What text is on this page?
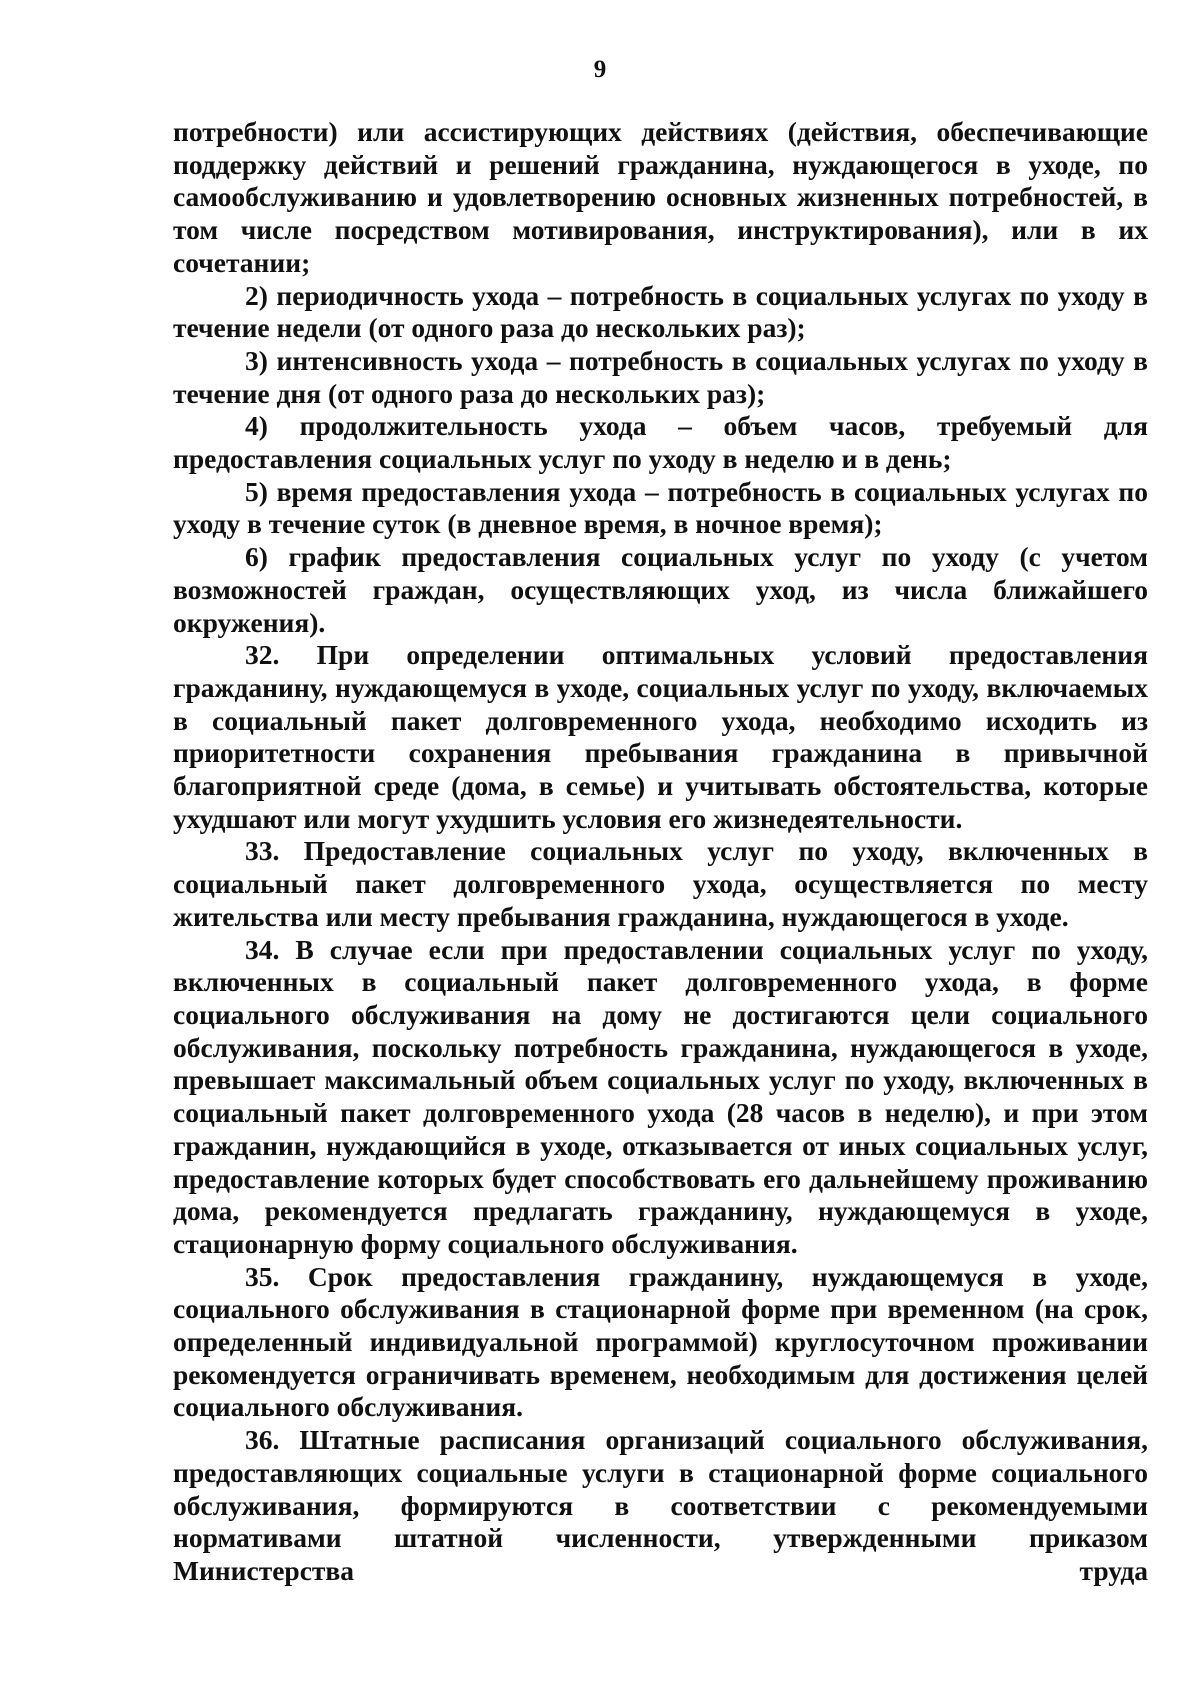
9

потребности) или ассистирующих действиях (действия, обеспечивающие поддержку действий и решений гражданина, нуждающегося в уходе, по самообслуживанию и удовлетворению основных жизненных потребностей, в том числе посредством мотивирования, инструктирования), или в их сочетании;

2) периодичность ухода – потребность в социальных услугах по уходу в течение недели (от одного раза до нескольких раз);

3) интенсивность ухода – потребность в социальных услугах по уходу в течение дня (от одного раза до нескольких раз);

4) продолжительность ухода – объем часов, требуемый для предоставления социальных услуг по уходу в неделю и в день;

5) время предоставления ухода – потребность в социальных услугах по уходу в течение суток (в дневное время, в ночное время);

6) график предоставления социальных услуг по уходу (с учетом возможностей граждан, осуществляющих уход, из числа ближайшего окружения).

32. При определении оптимальных условий предоставления гражданину, нуждающемуся в уходе, социальных услуг по уходу, включаемых в социальный пакет долговременного ухода, необходимо исходить из приоритетности сохранения пребывания гражданина в привычной благоприятной среде (дома, в семье) и учитывать обстоятельства, которые ухудшают или могут ухудшить условия его жизнедеятельности.

33. Предоставление социальных услуг по уходу, включенных в социальный пакет долговременного ухода, осуществляется по месту жительства или месту пребывания гражданина, нуждающегося в уходе.

34. В случае если при предоставлении социальных услуг по уходу, включенных в социальный пакет долговременного ухода, в форме социального обслуживания на дому не достигаются цели социального обслуживания, поскольку потребность гражданина, нуждающегося в уходе, превышает максимальный объем социальных услуг по уходу, включенных в социальный пакет долговременного ухода (28 часов в неделю), и при этом гражданин, нуждающийся в уходе, отказывается от иных социальных услуг, предоставление которых будет способствовать его дальнейшему проживанию дома, рекомендуется предлагать гражданину, нуждающемуся в уходе, стационарную форму социального обслуживания.

35. Срок предоставления гражданину, нуждающемуся в уходе, социального обслуживания в стационарной форме при временном (на срок, определенный индивидуальной программой) круглосуточном проживании рекомендуется ограничивать временем, необходимым для достижения целей социального обслуживания.

36. Штатные расписания организаций социального обслуживания, предоставляющих социальные услуги в стационарной форме социального обслуживания, формируются в соответствии с рекомендуемыми нормативами штатной численности, утвержденными приказом Министерства труда
